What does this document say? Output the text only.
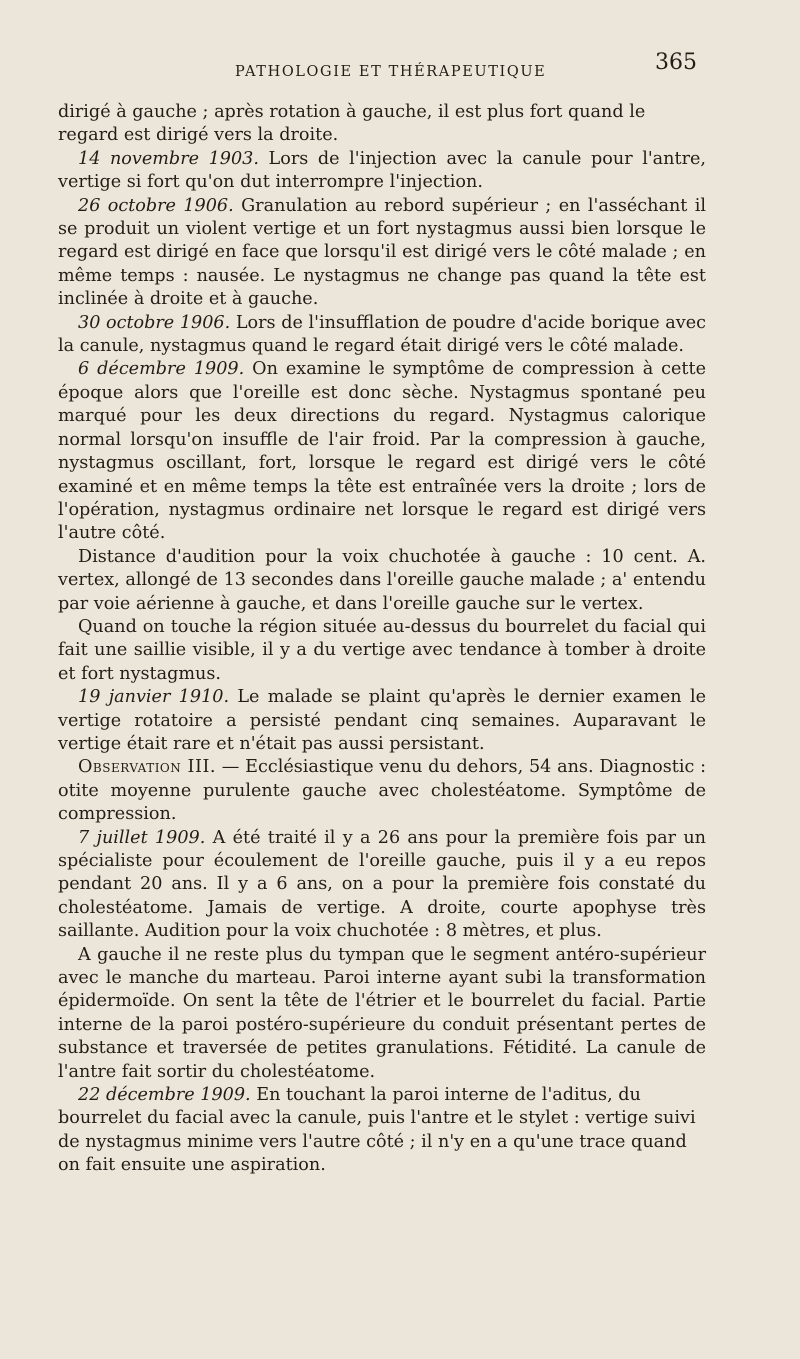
PATHOLOGIE ET THÉRAPEUTIQUE	365

dirigé à gauche ; après rotation à gauche, il est plus fort quand le regard est dirigé vers la droite.

14 novembre 1903. Lors de l'injection avec la canule pour l'antre, vertige si fort qu'on dut interrompre l'injection.

26 octobre 1906. Granulation au rebord supérieur ; en l'asséchant il se produit un violent vertige et un fort nystagmus aussi bien lorsque le regard est dirigé en face que lorsqu'il est dirigé vers le côté malade ; en même temps : nausée. Le nystagmus ne change pas quand la tête est inclinée à droite et à gauche.

30 octobre 1906. Lors de l'insufflation de poudre d'acide borique avec la canule, nystagmus quand le regard était dirigé vers le côté malade.

6 décembre 1909. On examine le symptôme de compression à cette époque alors que l'oreille est donc sèche. Nystagmus spontané peu marqué pour les deux directions du regard. Nystagmus calorique normal lorsqu'on insuffle de l'air froid. Par la compression à gauche, nystagmus oscillant, fort, lorsque le regard est dirigé vers le côté examiné et en même temps la tête est entraînée vers la droite ; lors de l'opération, nystagmus ordinaire net lorsque le regard est dirigé vers l'autre côté.

Distance d'audition pour la voix chuchotée à gauche : 10 cent. A. vertex, allongé de 13 secondes dans l'oreille gauche malade ; a' entendu par voie aérienne à gauche, et dans l'oreille gauche sur le vertex.

Quand on touche la région située au-dessus du bourrelet du facial qui fait une saillie visible, il y a du vertige avec tendance à tomber à droite et fort nystagmus.

19 janvier 1910. Le malade se plaint qu'après le dernier examen le vertige rotatoire a persisté pendant cinq semaines. Auparavant le vertige était rare et n'était pas aussi persistant.

Observation III. — Ecclésiastique venu du dehors, 54 ans. Diagnostic : otite moyenne purulente gauche avec cholestéatome. Symptôme de compression.

7 juillet 1909. A été traité il y a 26 ans pour la première fois par un spécialiste pour écoulement de l'oreille gauche, puis il y a eu repos pendant 20 ans. Il y a 6 ans, on a pour la première fois constaté du cholestéatome. Jamais de vertige. A droite, courte apophyse très saillante. Audition pour la voix chuchotée : 8 mètres, et plus.

A gauche il ne reste plus du tympan que le segment antéro-supérieur avec le manche du marteau. Paroi interne ayant subi la transformation épidermoïde. On sent la tête de l'étrier et le bourrelet du facial. Partie interne de la paroi postéro-supérieure du conduit présentant pertes de substance et traversée de petites granulations. Fétidité. La canule de l'antre fait sortir du cholestéatome.

22 décembre 1909. En touchant la paroi interne de l'aditus, du bourrelet du facial avec la canule, puis l'antre et le stylet : vertige suivi de nystagmus minime vers l'autre côté ; il n'y en a qu'une trace quand on fait ensuite une aspiration.
